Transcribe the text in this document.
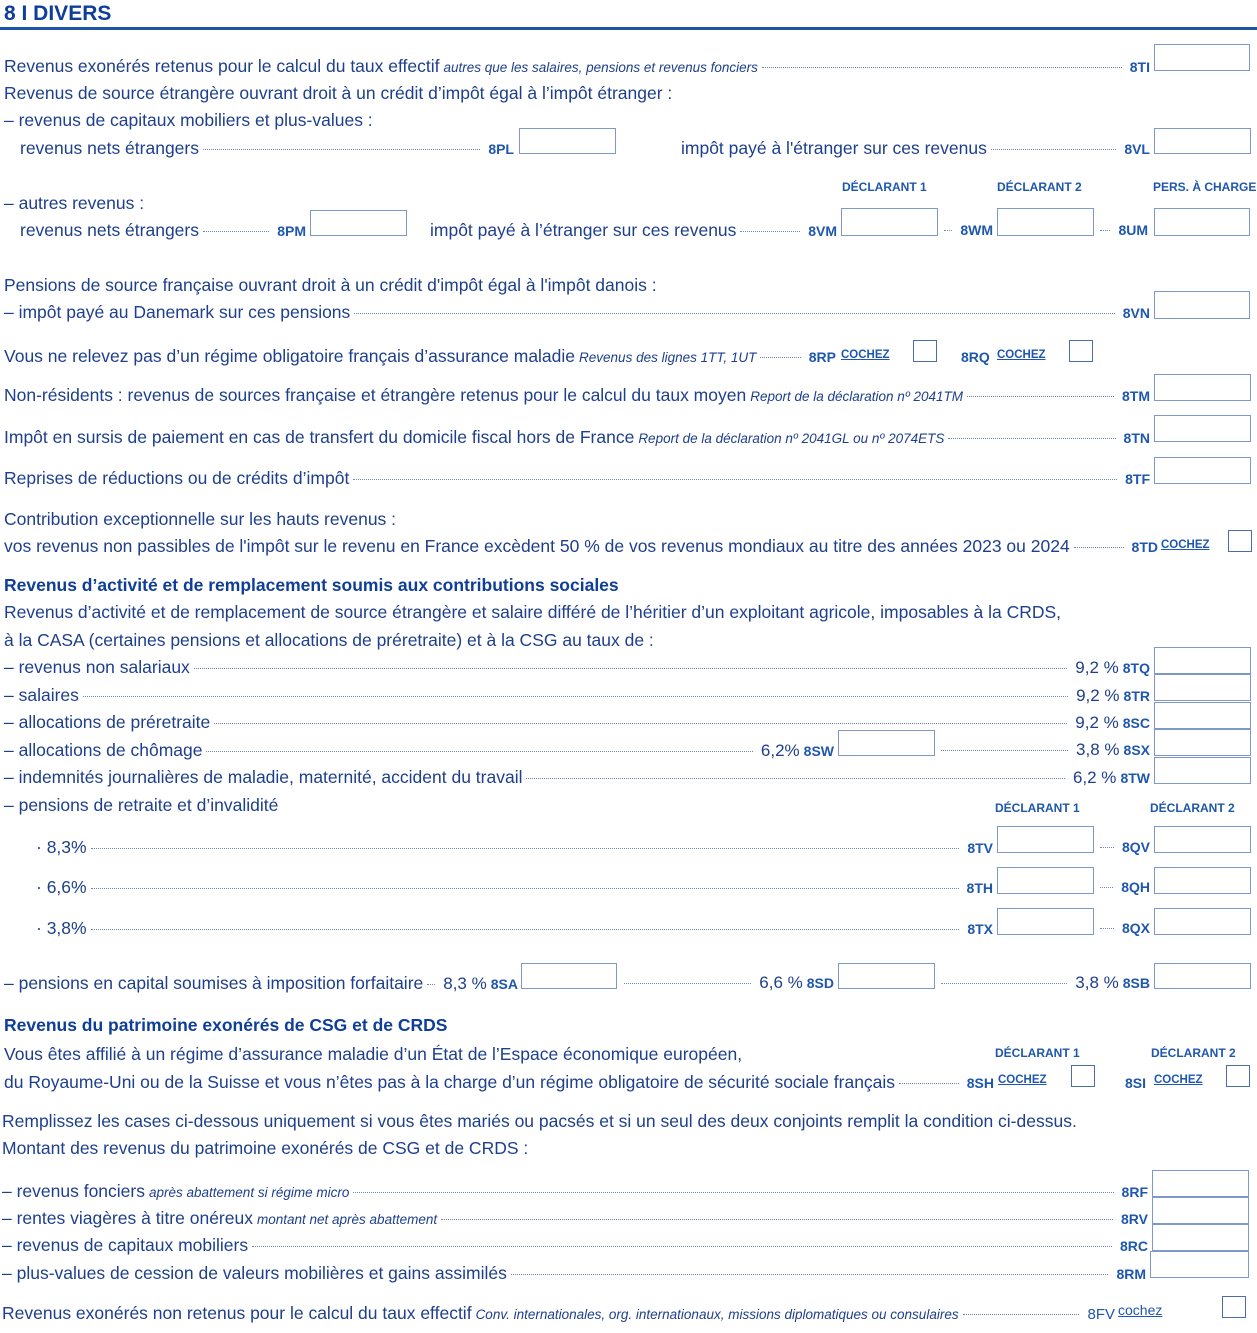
8 I DIVERS
Revenus exonérés retenus pour le calcul du taux effectif autres que les salaires, pensions et revenus fonciers	8TI
Revenus de source étrangère ouvrant droit à un crédit d’impôt égal à l’impôt étranger :
– revenus de capitaux mobiliers et plus-values :
revenus nets étrangers	8PL	impôt payé à l'étranger sur ces revenus	8VL
DÉCLARANT 1	DÉCLARANT 2	PERS. À CHARGE
– autres revenus :
revenus nets étrangers	8PM	impôt payé à l’étranger sur ces revenus	8VM	8WM	8UM
Pensions de source française ouvrant droit à un crédit d'impôt égal à l'impôt danois :
– impôt payé au Danemark sur ces pensions	8VN
Vous ne relevez pas d’un régime obligatoire français d’assurance maladie Revenus des lignes 1TT, 1UT	8RP COCHEZ	8RQ COCHEZ
Non-résidents : revenus de sources française et étrangère retenus pour le calcul du taux moyen Report de la déclaration nº 2041TM	8TM
Impôt en sursis de paiement en cas de transfert du domicile fiscal hors de France Report de la déclaration nº 2041GL ou nº 2074ETS	8TN
Reprises de réductions ou de crédits d’impôt	8TF
Contribution exceptionnelle sur les hauts revenus :
vos revenus non passibles de l'impôt sur le revenu en France excèdent 50 % de vos revenus mondiaux au titre des années 2023 ou 2024	8TD COCHEZ
Revenus d’activité et de remplacement soumis aux contributions sociales
Revenus d’activité et de remplacement de source étrangère et salaire différé de l’héritier d’un exploitant agricole, imposables à la CRDS,
à la CASA (certaines pensions et allocations de préretraite) et à la CSG au taux de :
– revenus non salariaux	9,2 % 8TQ
– salaires	9,2 % 8TR
– allocations de préretraite	9,2 % 8SC
– allocations de chômage	6,2% 8SW	3,8 % 8SX
– indemnités journalières de maladie, maternité, accident du travail	6,2 % 8TW
– pensions de retraite et d’invalidité	DÉCLARANT 1	DÉCLARANT 2
· 8,3%	8TV	8QV
· 6,6%	8TH	8QH
· 3,8%	8TX	8QX
– pensions en capital soumises à imposition forfaitaire 8,3 % 8SA	6,6 % 8SD	3,8 % 8SB
Revenus du patrimoine exonérés de CSG et de CRDS
Vous êtes affilié à un régime d’assurance maladie d’un État de l’Espace économique européen,	DÉCLARANT 1	DÉCLARANT 2
du Royaume-Uni ou de la Suisse et vous n’êtes pas à la charge d’un régime obligatoire de sécurité sociale français	8SH COCHEZ	8SI COCHEZ
Remplissez les cases ci-dessous uniquement si vous êtes mariés ou pacsés et si un seul des deux conjoints remplit la condition ci-dessus.
Montant des revenus du patrimoine exonérés de CSG et de CRDS :
– revenus fonciers après abattement si régime micro	8RF
– rentes viagères à titre onéreux montant net après abattement	8RV
– revenus de capitaux mobiliers	8RC
– plus-values de cession de valeurs mobilières et gains assimilés	8RM
Revenus exonérés non retenus pour le calcul du taux effectif Conv. internationales, org. internationaux, missions diplomatiques ou consulaires	8FV cochez
